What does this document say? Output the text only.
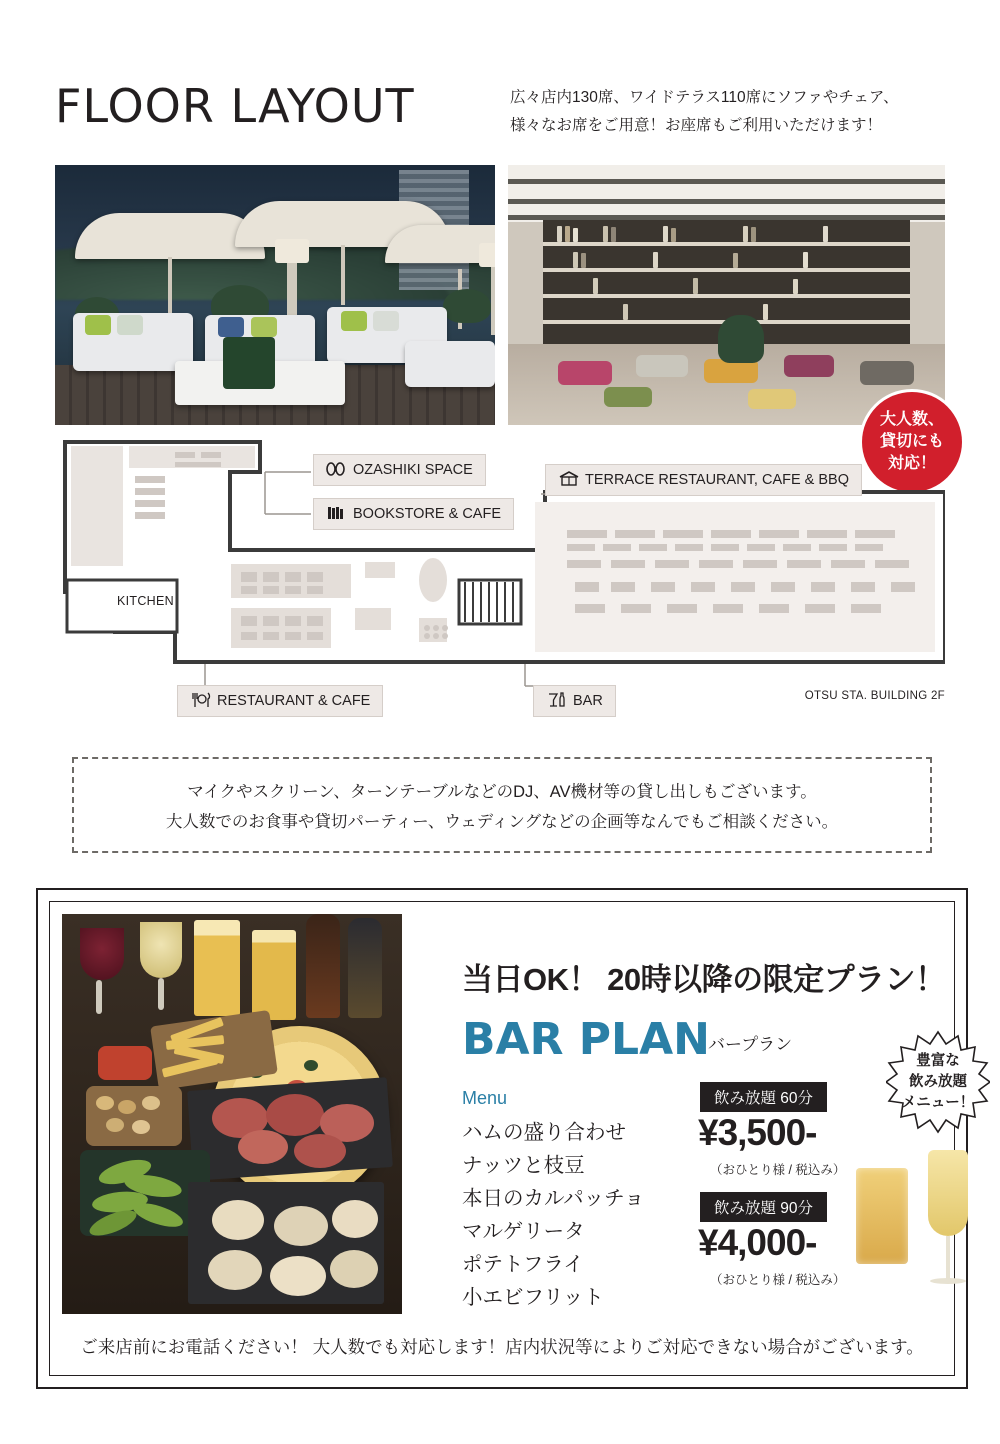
FLOOR LAYOUT	広々店内130席、ワイドテラス110席にソファやチェア、
様々なお席をご用意！お座席もご利用いただけます！
大人数、
貸切にも
対応！
OZASHIKI SPACE
BOOKSTORE & CAFE
TERRACE RESTAURANT, CAFE & BBQ
RESTAURANT & CAFE	BAR
KITCHEN
OTSU STA. BUILDING 2F
マイクやスクリーン、ターンテーブルなどのDJ、AV機材等の貸し出しもございます。
大人数でのお食事や貸切パーティー、ウェディングなどの企画等なんでもご相談ください。
当日OK！ 20時以降の限定プラン！
BAR PLAN
バープラン
Menu
ハムの盛り合わせ
ナッツと枝豆
本日のカルパッチョ
マルゲリータ
ポテトフライ
小エビフリット
飲み放題 60分
¥3,500-
（おひとり様 / 税込み）
飲み放題 90分
¥4,000-
（おひとり様 / 税込み）
豊富な
飲み放題
メニュー！
ご来店前にお電話ください！ 大人数でも対応します！店内状況等によりご対応できない場合がございます。
